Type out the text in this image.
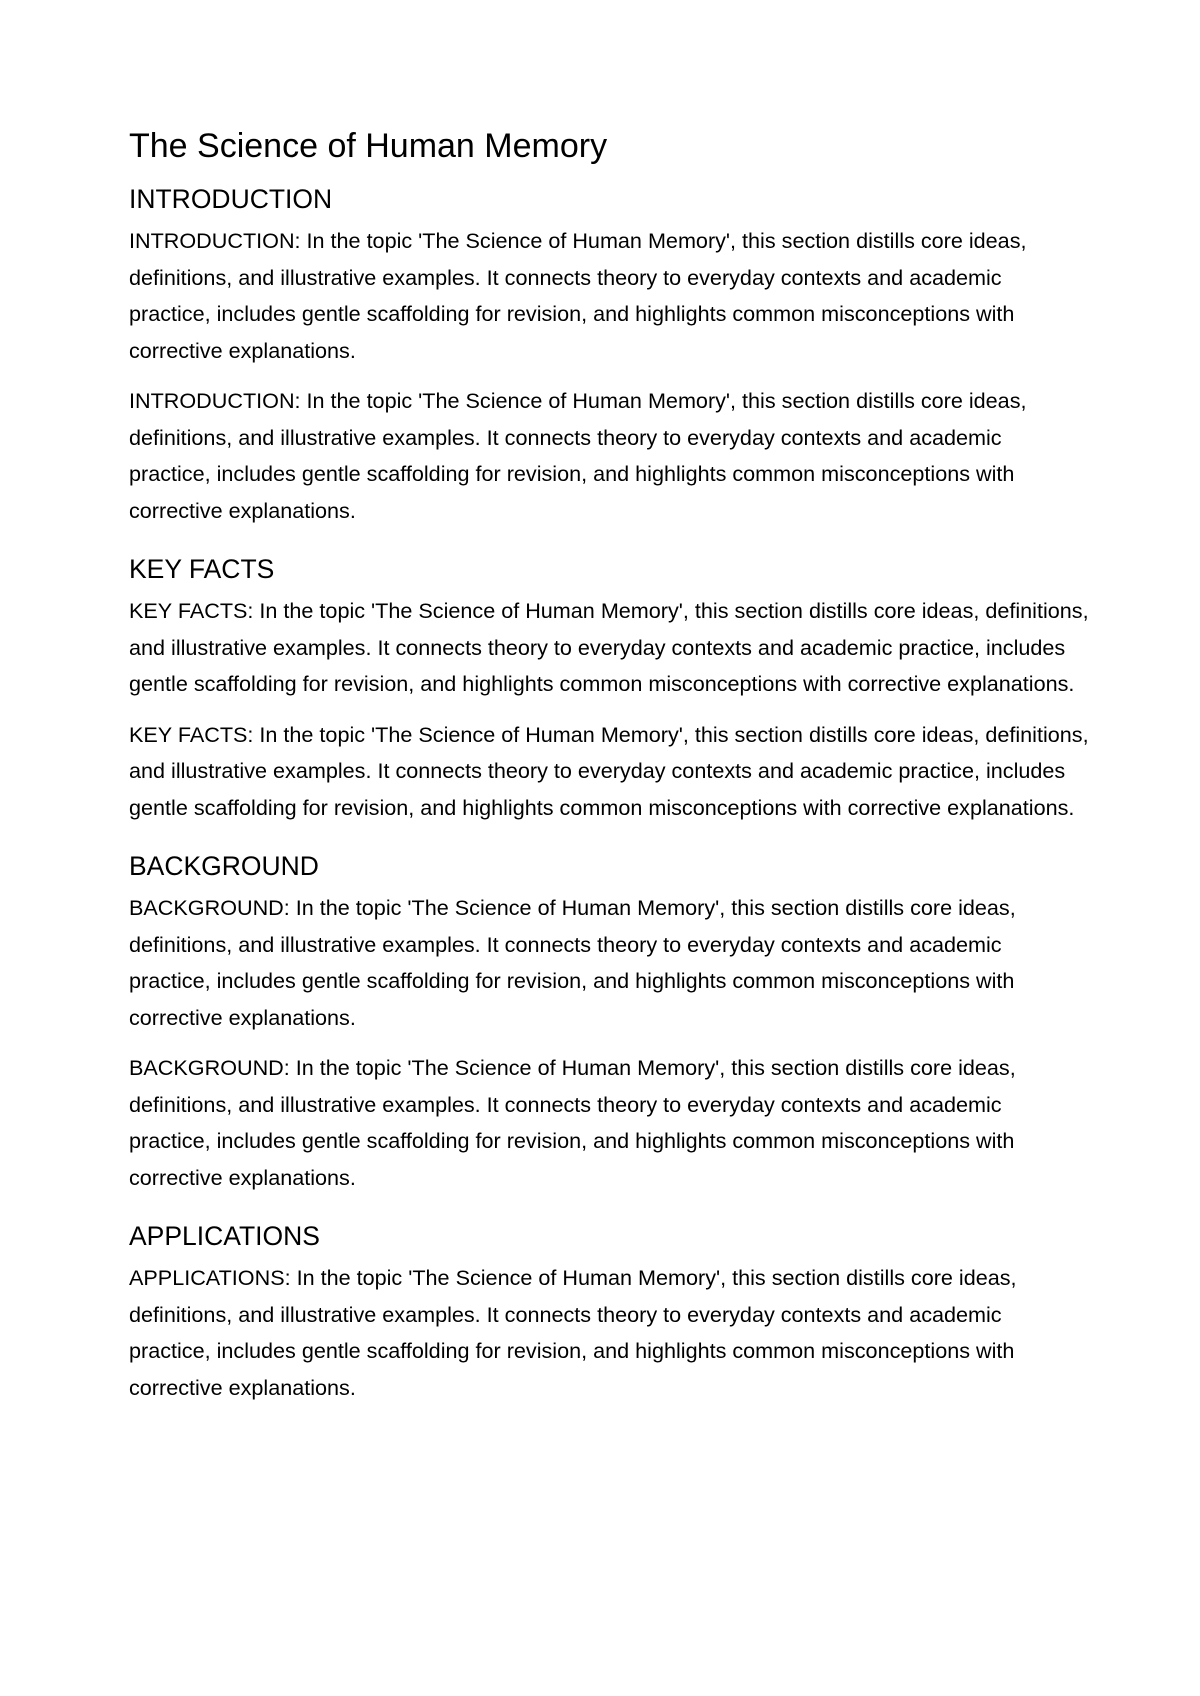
The Science of Human Memory
INTRODUCTION

INTRODUCTION: In the topic 'The Science of Human Memory', this section distills core ideas, definitions, and illustrative examples. It connects theory to everyday contexts and academic practice, includes gentle scaffolding for revision, and highlights common misconceptions with corrective explanations.

INTRODUCTION: In the topic 'The Science of Human Memory', this section distills core ideas, definitions, and illustrative examples. It connects theory to everyday contexts and academic practice, includes gentle scaffolding for revision, and highlights common misconceptions with corrective explanations.

KEY FACTS

KEY FACTS: In the topic 'The Science of Human Memory', this section distills core ideas, definitions, and illustrative examples. It connects theory to everyday contexts and academic practice, includes gentle scaffolding for revision, and highlights common misconceptions with corrective explanations.

KEY FACTS: In the topic 'The Science of Human Memory', this section distills core ideas, definitions, and illustrative examples. It connects theory to everyday contexts and academic practice, includes gentle scaffolding for revision, and highlights common misconceptions with corrective explanations.

BACKGROUND

BACKGROUND: In the topic 'The Science of Human Memory', this section distills core ideas, definitions, and illustrative examples. It connects theory to everyday contexts and academic practice, includes gentle scaffolding for revision, and highlights common misconceptions with corrective explanations.

BACKGROUND: In the topic 'The Science of Human Memory', this section distills core ideas, definitions, and illustrative examples. It connects theory to everyday contexts and academic practice, includes gentle scaffolding for revision, and highlights common misconceptions with corrective explanations.

APPLICATIONS

APPLICATIONS: In the topic 'The Science of Human Memory', this section distills core ideas, definitions, and illustrative examples. It connects theory to everyday contexts and academic practice, includes gentle scaffolding for revision, and highlights common misconceptions with corrective explanations.
